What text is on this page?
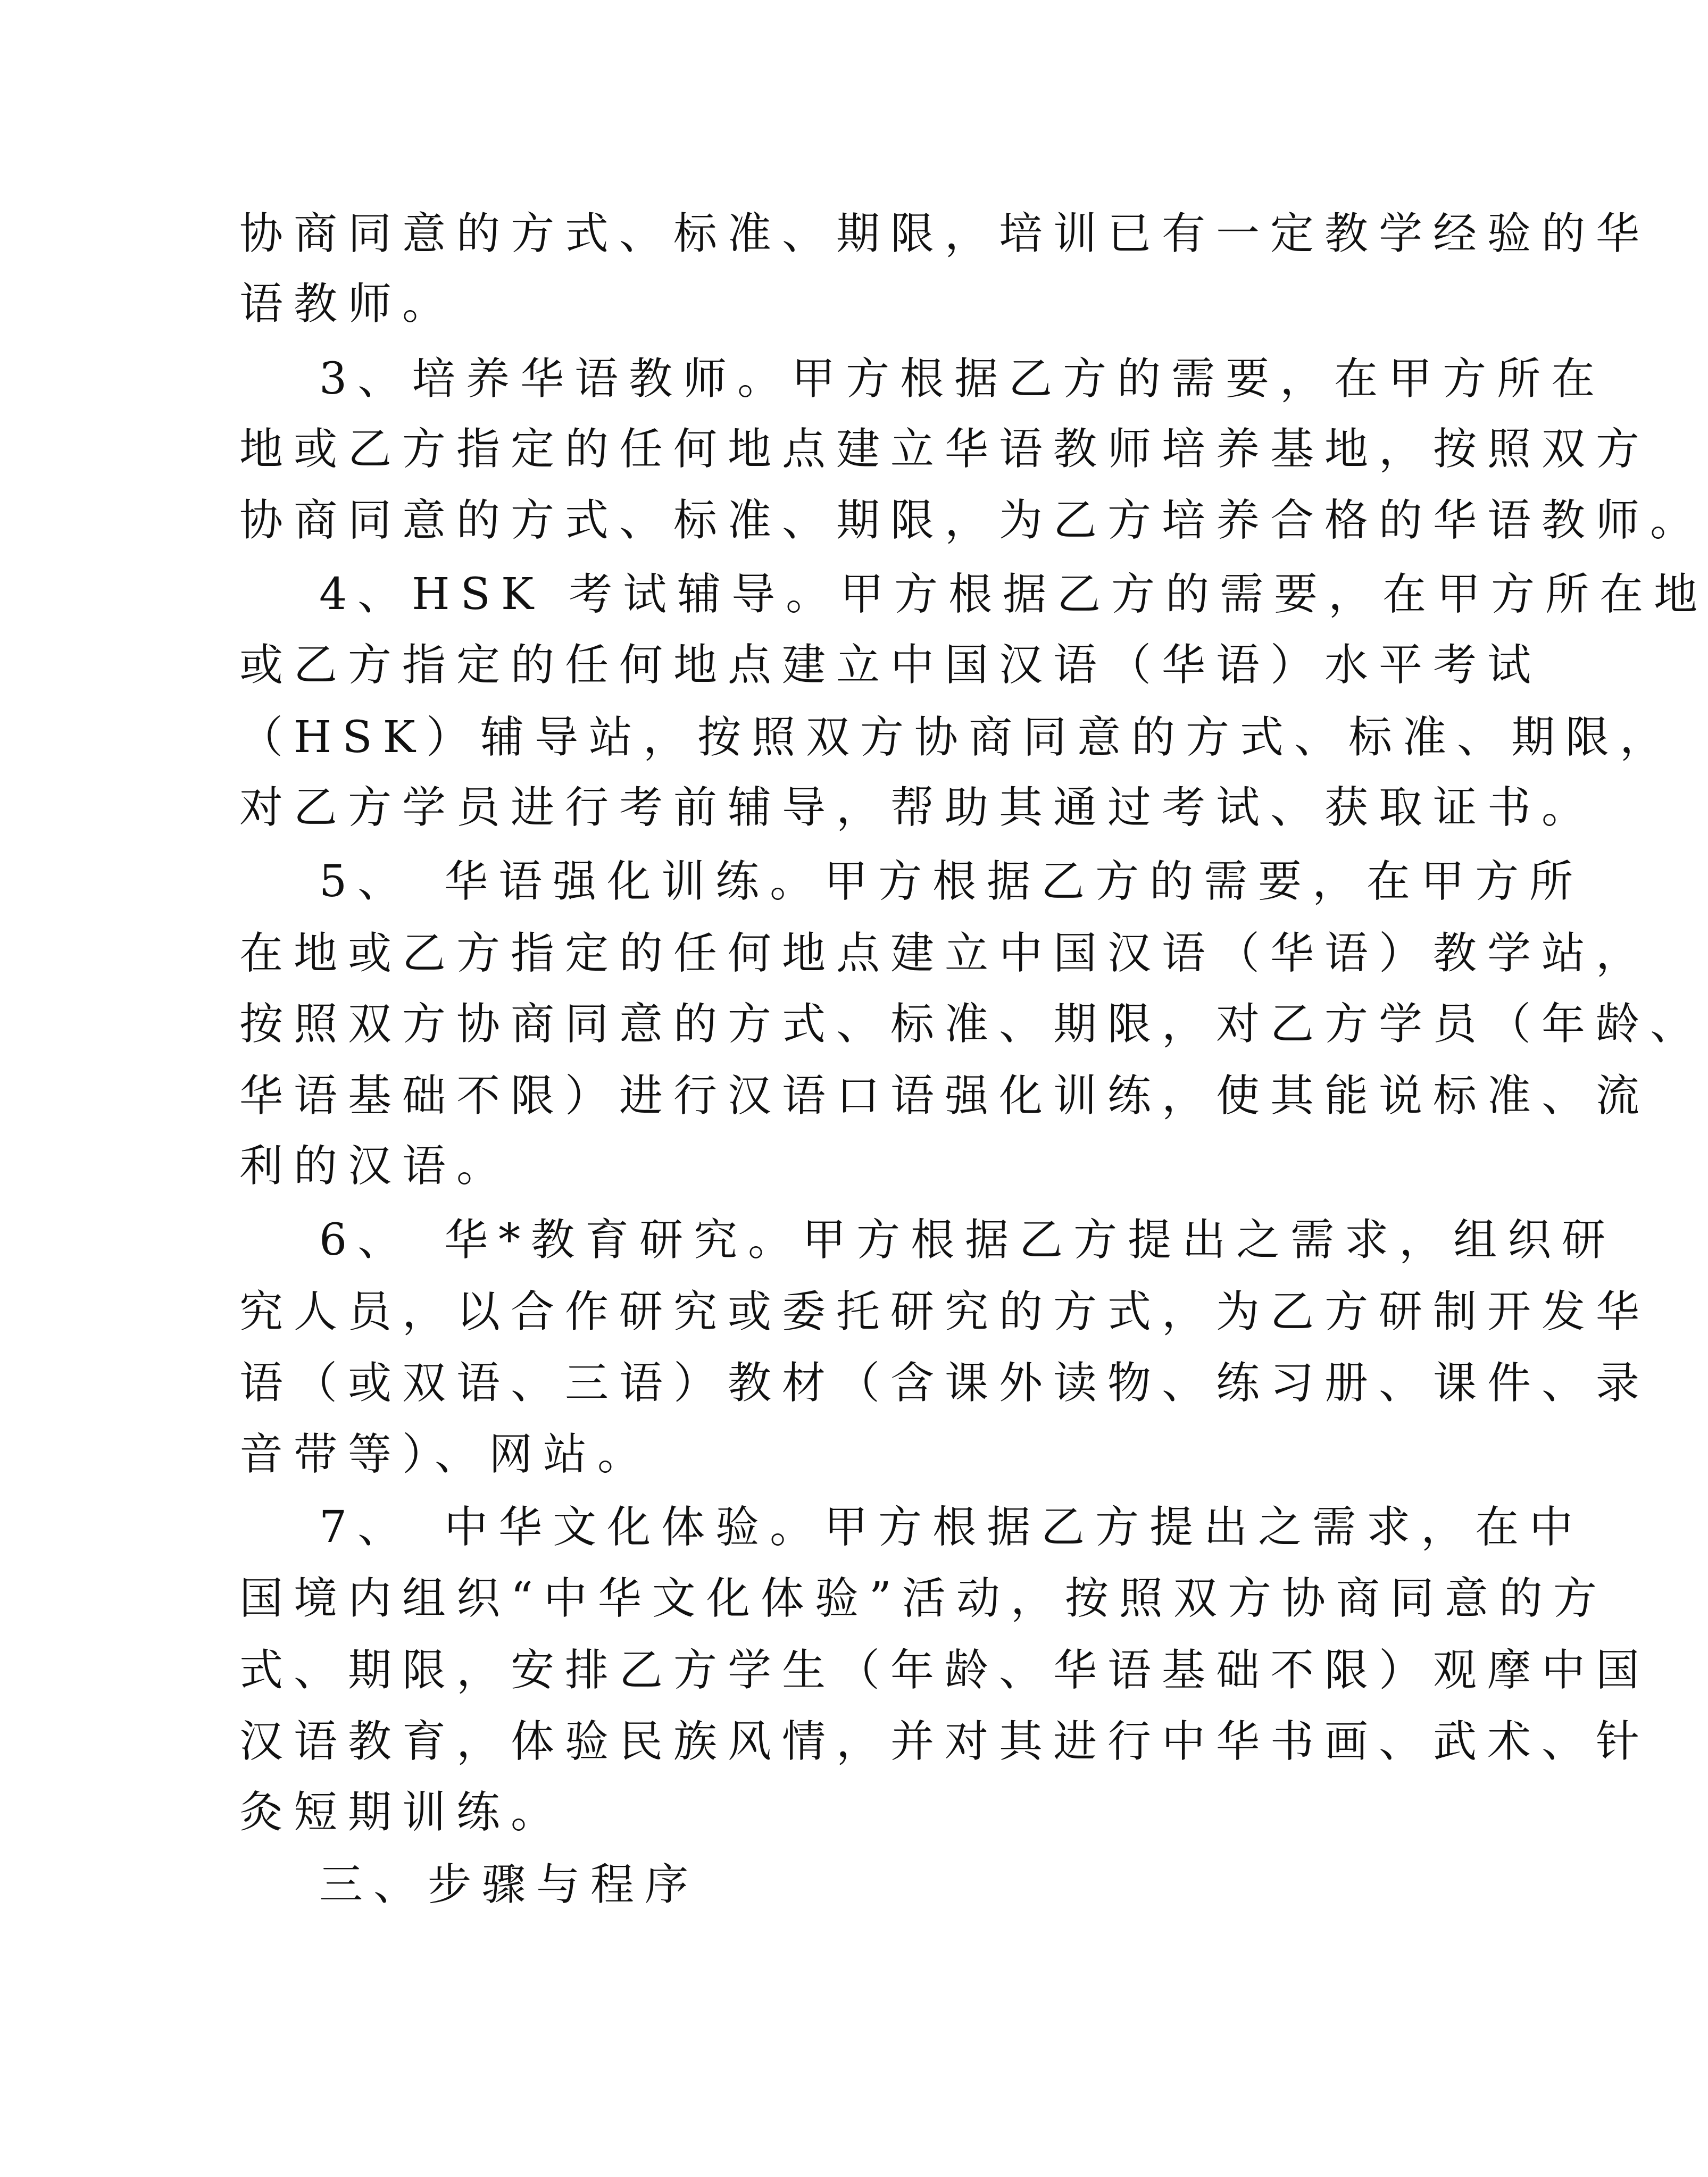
协商同意的方式、标准、期限，培训已有一定教学经验的华

语教师。

3、培养华语教师。甲方根据乙方的需要，在甲方所在

地或乙方指定的任何地点建立华语教师培养基地，按照双方

协商同意的方式、标准、期限，为乙方培养合格的华语教师。

4、HSK 考试辅导。甲方根据乙方的需要，在甲方所在地

或乙方指定的任何地点建立中国汉语（华语）水平考试

（HSK）辅导站，按照双方协商同意的方式、标准、期限，

对乙方学员进行考前辅导，帮助其通过考试、获取证书。

5、　华语强化训练。甲方根据乙方的需要，在甲方所

在地或乙方指定的任何地点建立中国汉语（华语）教学站，

按照双方协商同意的方式、标准、期限，对乙方学员（年龄、

华语基础不限）进行汉语口语强化训练，使其能说标准、流

利的汉语。

6、　华*教育研究。甲方根据乙方提出之需求，组织研

究人员，以合作研究或委托研究的方式，为乙方研制开发华

语（或双语、三语）教材（含课外读物、练习册、课件、录

音带等）、网站。

7、　中华文化体验。甲方根据乙方提出之需求，在中

国境内组织“中华文化体验”活动，按照双方协商同意的方

式、期限，安排乙方学生（年龄、华语基础不限）观摩中国

汉语教育，体验民族风情，并对其进行中华书画、武术、针

灸短期训练。

三、步骤与程序
